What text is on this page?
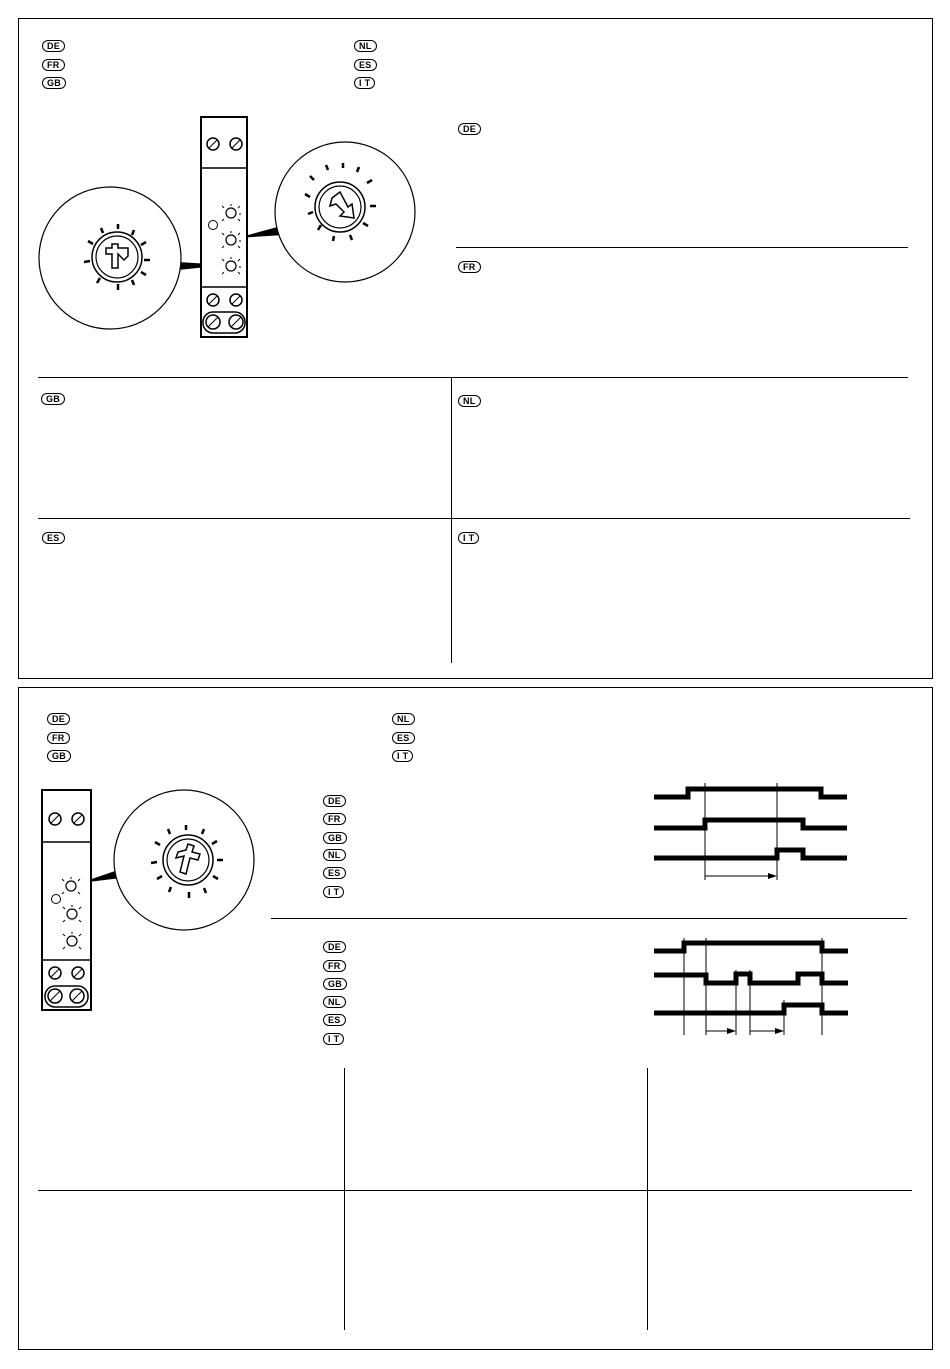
DE
FR
GB
NL
ES
I T
DE
FR
GB	NL
ES	I T
DE
FR
GB
NL
ES
I T
DE
FR
GB
NL
ES
I T
DE
FR
GB
NL
ES
I T
